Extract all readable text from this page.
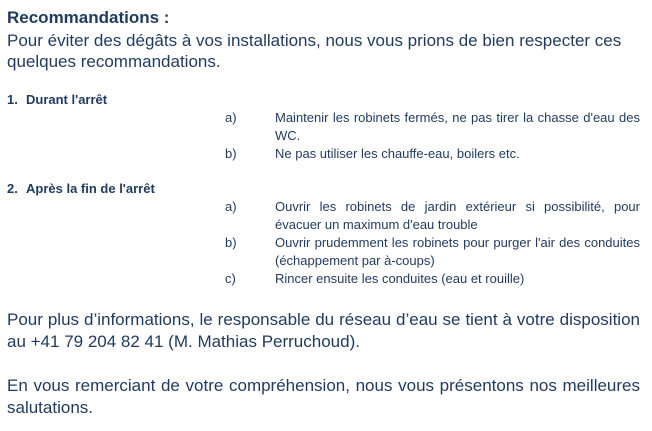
Recommandations :

Pour éviter des dégâts à vos installations, nous vous prions de bien respecter ces quelques recommandations.

1. Durant l'arrêt

a)	Maintenir les robinets fermés, ne pas tirer la chasse d'eau des WC.
b)	Ne pas utiliser les chauffe-eau, boilers etc.

2. Après la fin de l'arrêt

a)	Ouvrir les robinets de jardin extérieur si possibilité, pour évacuer un maximum d'eau trouble
b)	Ouvrir prudemment les robinets pour purger l'air des conduites (échappement par à-coups)
c)	Rincer ensuite les conduites (eau et rouille)

Pour plus d’informations, le responsable du réseau d’eau se tient à votre disposition au +41 79 204 82 41 (M. Mathias Perruchoud).

En vous remerciant de votre compréhension, nous vous présentons nos meilleures salutations.
